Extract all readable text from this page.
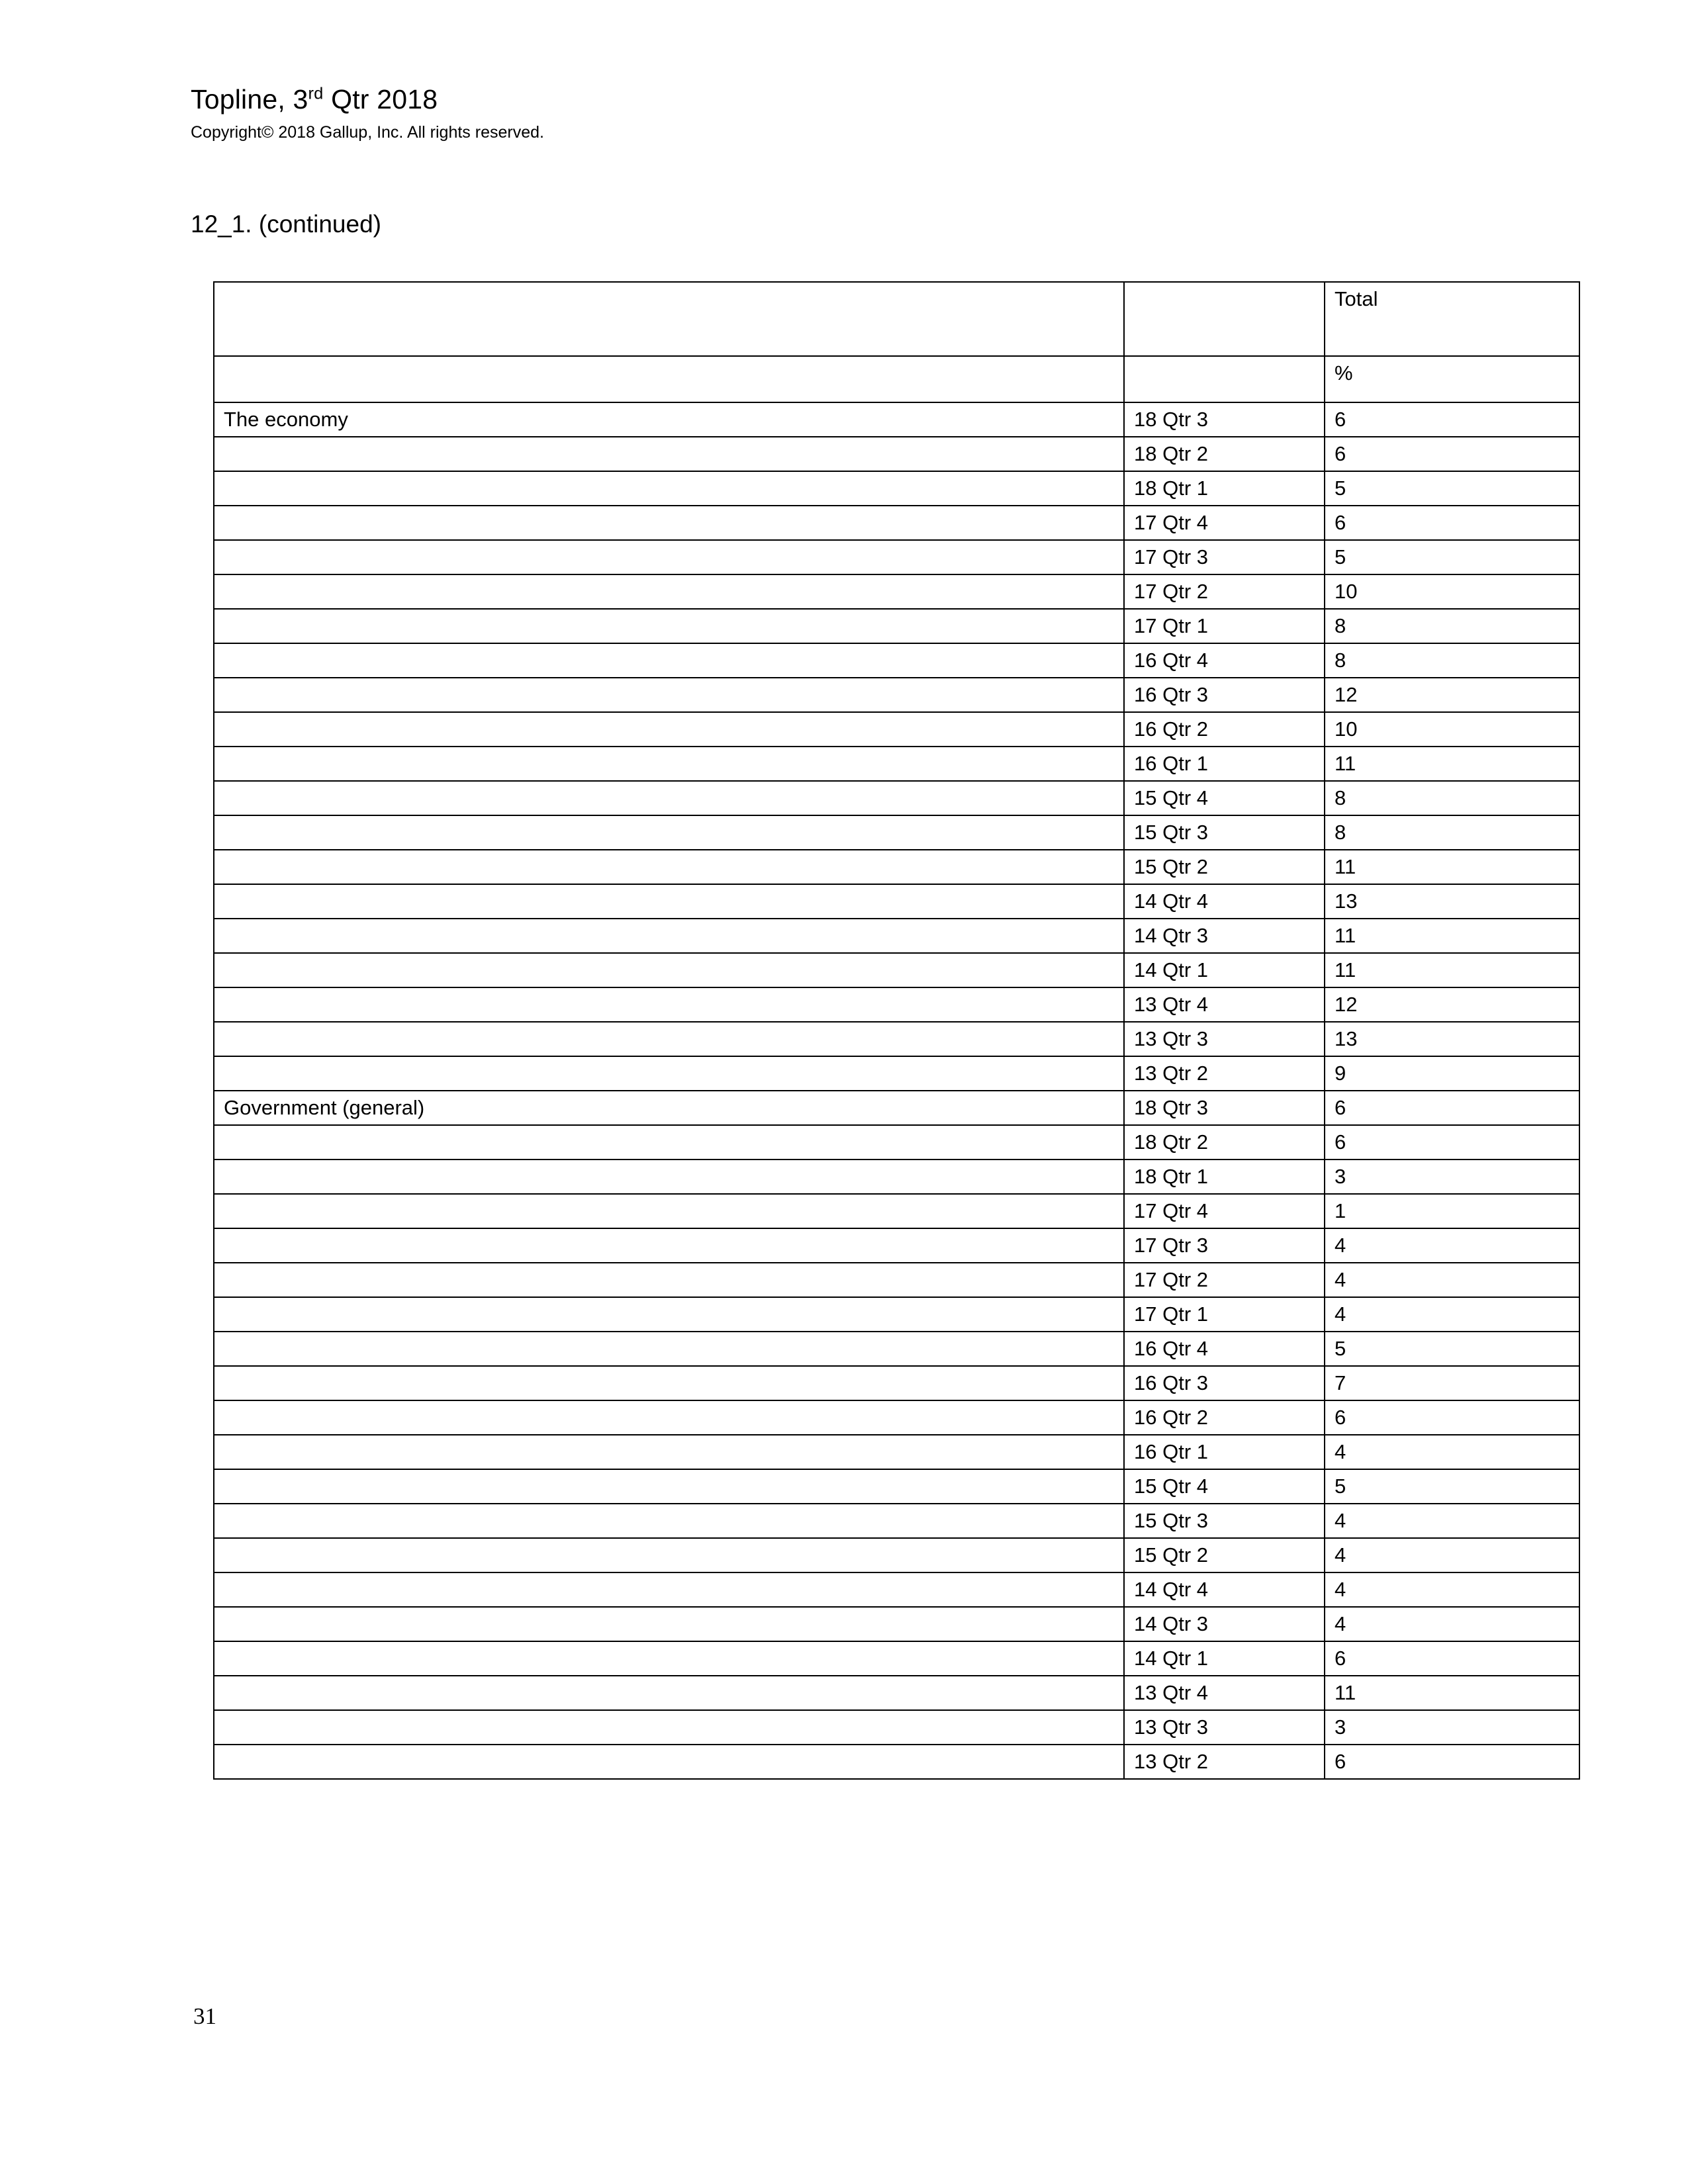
Topline, 3rd Qtr 2018
Copyright© 2018 Gallup, Inc. All rights reserved.
12_1. (continued)

		Total

		%

The economy	18 Qtr 3	6

	18 Qtr 2	6

	18 Qtr 1	5

	17 Qtr 4	6

	17 Qtr 3	5

	17 Qtr 2	10

	17 Qtr 1	8

	16 Qtr 4	8

	16 Qtr 3	12

	16 Qtr 2	10

	16 Qtr 1	11

	15 Qtr 4	8

	15 Qtr 3	8

	15 Qtr 2	11

	14 Qtr 4	13

	14 Qtr 3	11

	14 Qtr 1	11

	13 Qtr 4	12

	13 Qtr 3	13

	13 Qtr 2	9

Government (general)	18 Qtr 3	6

	18 Qtr 2	6

	18 Qtr 1	3

	17 Qtr 4	1

	17 Qtr 3	4

	17 Qtr 2	4

	17 Qtr 1	4

	16 Qtr 4	5

	16 Qtr 3	7

	16 Qtr 2	6

	16 Qtr 1	4

	15 Qtr 4	5

	15 Qtr 3	4

	15 Qtr 2	4

	14 Qtr 4	4

	14 Qtr 3	4

	14 Qtr 1	6

	13 Qtr 4	11

	13 Qtr 3	3

	13 Qtr 2	6
31
